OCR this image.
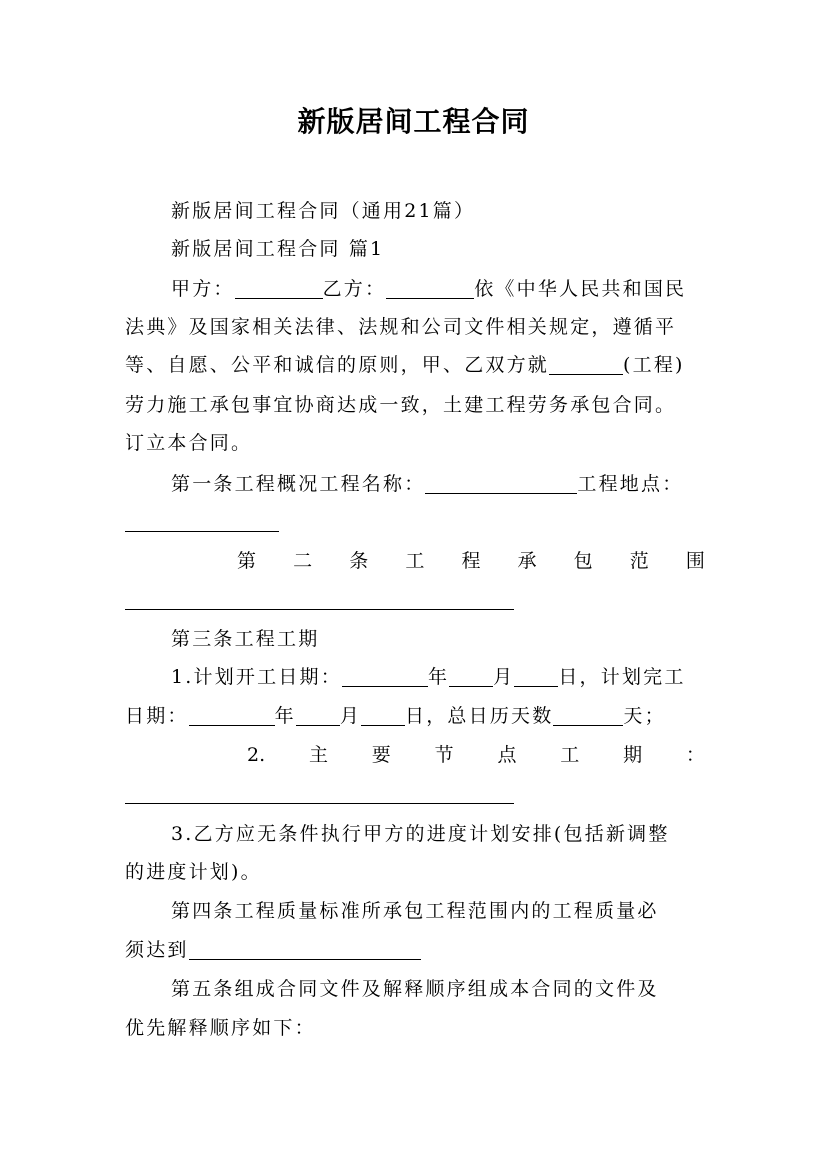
新版居间工程合同
新版居间工程合同（通用21篇）
新版居间工程合同 篇1
甲方：	乙方：	依《中华人民共和国民
法典》及国家相关法律、法规和公司文件相关规定，遵循平
等、自愿、公平和诚信的原则，甲、乙双方就	(工程)
劳力施工承包事宜协商达成一致，土建工程劳务承包合同。
订立本合同。
第一条工程概况工程名称：	工程地点：
第 二 条 工 程 承 包 范 围
第三条工程工期
1.计划开工日期：	年 月 日，计划完工
日期：	年 月 日，总日历天数	天；
2. 主 要 节 点 工 期 ：
3.乙方应无条件执行甲方的进度计划安排(包括新调整
的进度计划)。
第四条工程质量标准所承包工程范围内的工程质量必
须达到
第五条组成合同文件及解释顺序组成本合同的文件及
优先解释顺序如下：
